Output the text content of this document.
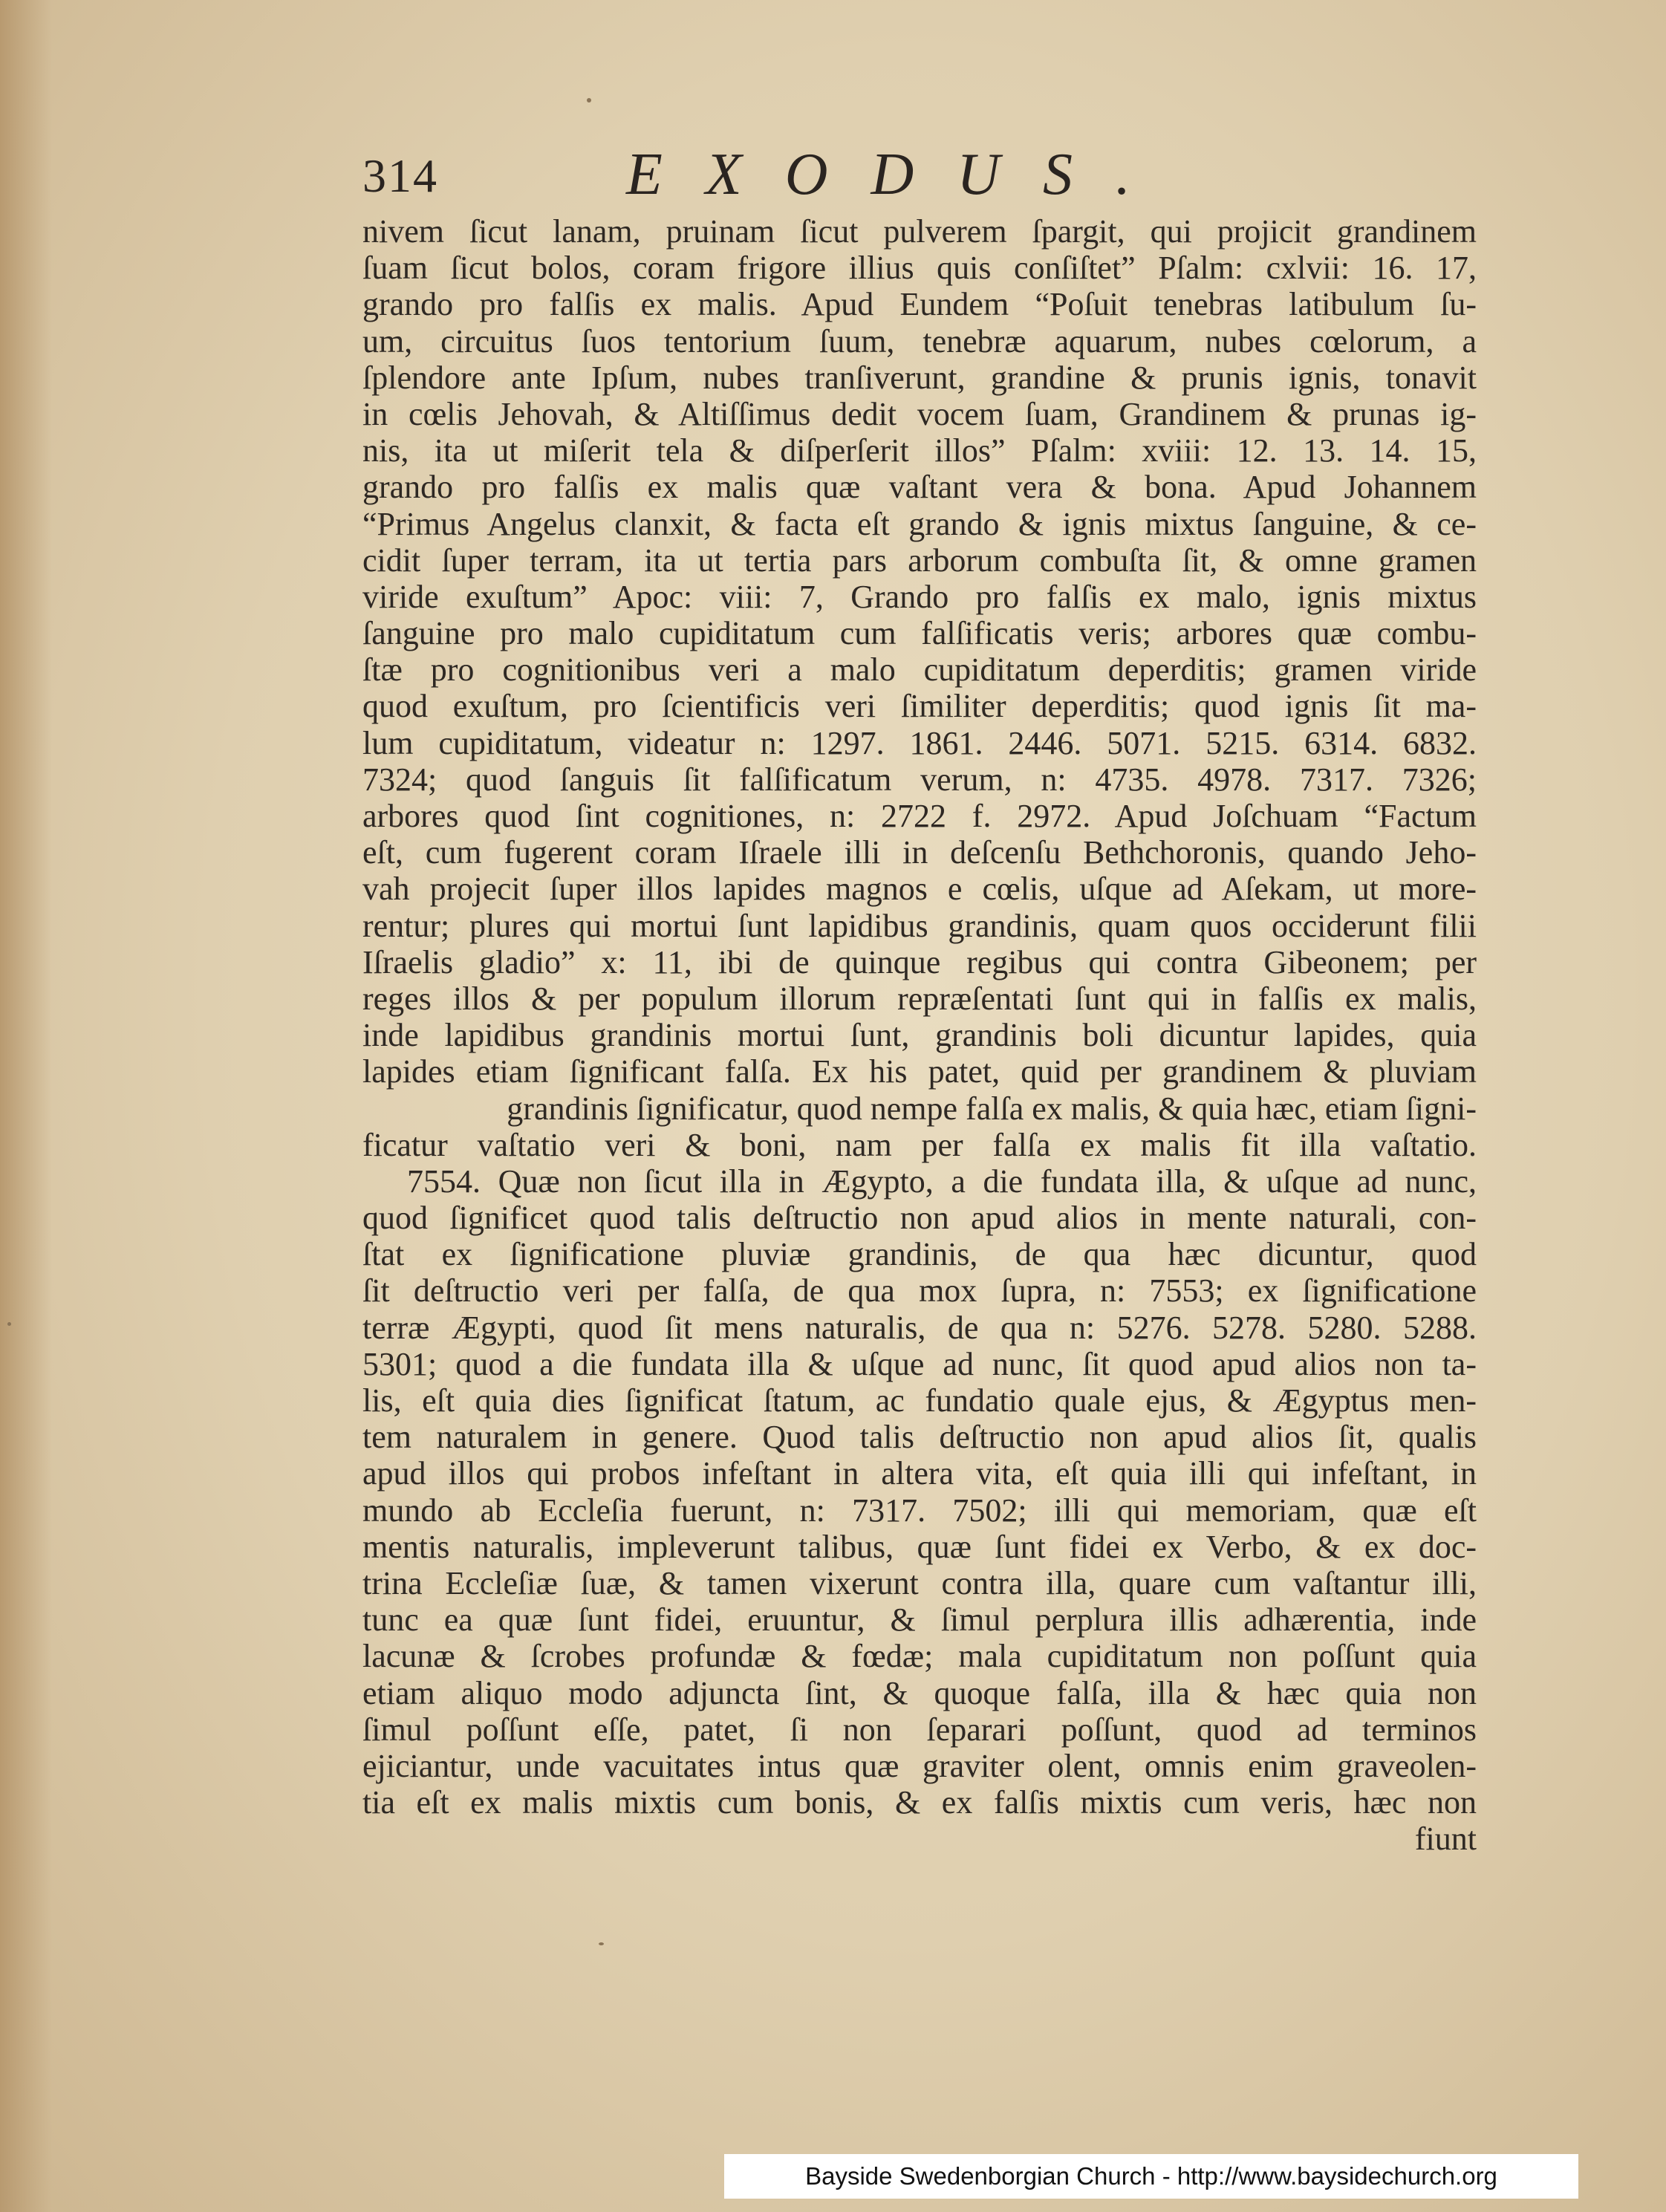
314	EXODUS.
nivem ſicut lanam, pruinam ſicut pulverem ſpargit, qui projicit grandinem
ſuam ſicut bolos, coram frigore illius quis conſiſtet” Pſalm: cxlvii: 16. 17,
grando pro falſis ex malis. Apud Eundem “Poſuit tenebras latibulum ſu-
um, circuitus ſuos tentorium ſuum, tenebræ aquarum, nubes cœlorum, a
ſplendore ante Ipſum, nubes tranſiverunt, grandine & prunis ignis, tonavit
in cœlis Jehovah, & Altiſſimus dedit vocem ſuam, Grandinem & prunas ig-
nis, ita ut miſerit tela & diſperſerit illos” Pſalm: xviii: 12. 13. 14. 15,
grando pro falſis ex malis quæ vaſtant vera & bona. Apud Johannem
“Primus Angelus clanxit, & facta eſt grando & ignis mixtus ſanguine, & ce-
cidit ſuper terram, ita ut tertia pars arborum combuſta ſit, & omne gramen
viride exuſtum” Apoc: viii: 7, Grando pro falſis ex malo, ignis mixtus
ſanguine pro malo cupiditatum cum falſificatis veris; arbores quæ combu-
ſtæ pro cognitionibus veri a malo cupiditatum deperditis; gramen viride
quod exuſtum, pro ſcientificis veri ſimiliter deperditis; quod ignis ſit ma-
lum cupiditatum, videatur n: 1297. 1861. 2446. 5071. 5215. 6314. 6832.
7324; quod ſanguis ſit falſificatum verum, n: 4735. 4978. 7317. 7326;
arbores quod ſint cognitiones, n: 2722 f. 2972. Apud Joſchuam “Factum
eſt, cum fugerent coram Iſraele illi in deſcenſu Bethchoronis, quando Jeho-
vah projecit ſuper illos lapides magnos e cœlis, uſque ad Aſekam, ut more-
rentur; plures qui mortui ſunt lapidibus grandinis, quam quos occiderunt filii
Iſraelis gladio” x: 11, ibi de quinque regibus qui contra Gibeonem; per
reges illos & per populum illorum repræſentati ſunt qui in falſis ex malis,
inde lapidibus grandinis mortui ſunt, grandinis boli dicuntur lapides, quia
lapides etiam ſignificant falſa. Ex his patet, quid per grandinem & pluviam
grandinis ſignificatur, quod nempe falſa ex malis, & quia hæc, etiam ſigni-
ficatur vaſtatio veri & boni, nam per falſa ex malis fit illa vaſtatio.
7554. Quæ non ſicut illa in Ægypto, a die fundata illa, & uſque ad nunc,
quod ſignificet quod talis deſtructio non apud alios in mente naturali, con-
ſtat ex ſignificatione pluviæ grandinis, de qua hæc dicuntur, quod
ſit deſtructio veri per falſa, de qua mox ſupra, n: 7553; ex ſignificatione
terræ Ægypti, quod ſit mens naturalis, de qua n: 5276. 5278. 5280. 5288.
5301; quod a die fundata illa & uſque ad nunc, ſit quod apud alios non ta-
lis, eſt quia dies ſignificat ſtatum, ac fundatio quale ejus, & Ægyptus men-
tem naturalem in genere. Quod talis deſtructio non apud alios ſit, qualis
apud illos qui probos infeſtant in altera vita, eſt quia illi qui infeſtant, in
mundo ab Eccleſia fuerunt, n: 7317. 7502; illi qui memoriam, quæ eſt
mentis naturalis, impleverunt talibus, quæ ſunt fidei ex Verbo, & ex doc-
trina Eccleſiæ ſuæ, & tamen vixerunt contra illa, quare cum vaſtantur illi,
tunc ea quæ ſunt fidei, eruuntur, & ſimul perplura illis adhærentia, inde
lacunæ & ſcrobes profundæ & fœdæ; mala cupiditatum non poſſunt quia
etiam aliquo modo adjuncta ſint, & quoque falſa, illa & hæc quia non
ſimul poſſunt eſſe, patet, ſi non ſeparari poſſunt, quod ad terminos
ejiciantur, unde vacuitates intus quæ graviter olent, omnis enim graveolen-
tia eſt ex malis mixtis cum bonis, & ex falſis mixtis cum veris, hæc non
fiunt
Bayside Swedenborgian Church - http://www.baysidechurch.org
